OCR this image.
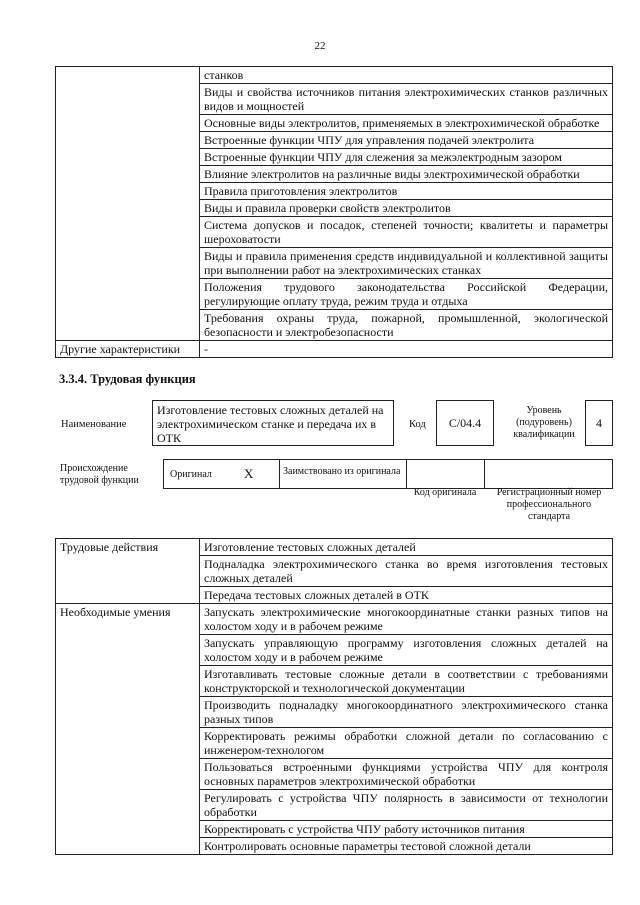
22
	станков
	Виды и свойства источников питания электрохимических станков различных видов и мощностей
	Основные виды электролитов, применяемых в электрохимической обработке
	Встроенные функции ЧПУ для управления подачей электролита
	Встроенные функции ЧПУ для слежения за межэлектродным зазором
	Влияние электролитов на различные виды электрохимической обработки
	Правила приготовления электролитов
	Виды и правила проверки свойств электролитов
	Система допусков и посадок, степеней точности; квалитеты и параметры шероховатости
	Виды и правила применения средств индивидуальной и коллективной защиты при выполнении работ на электрохимических станках
	Положения трудового законодательства Российской Федерации, регулирующие оплату труда, режим труда и отдыха
	Требования охраны труда, пожарной, промышленной, экологической безопасности и электробезопасности
Другие характеристики	-
3.3.4. Трудовая функция
Наименование
Изготовление тестовых сложных деталей на электрохимическом станке и передача их в ОТК
Код C/04.4
Уровень (подуровень) квалификации
4
Происхождение трудовой функции
Оригинал X	Заимствовано из оригинала
Код оригинала	Регистрационный номер профессионального стандарта
Трудовые действия	Изготовление тестовых сложных деталей
	Подналадка электрохимического станка во время изготовления тестовых сложных деталей
	Передача тестовых сложных деталей в ОТК
Необходимые умения	Запускать электрохимические многокоординатные станки разных типов на холостом ходу и в рабочем режиме
	Запускать управляющую программу изготовления сложных деталей на холостом ходу и в рабочем режиме
	Изготавливать тестовые сложные детали в соответствии с требованиями конструкторской и технологической документации
	Производить подналадку многокоординатного электрохимического станка разных типов
	Корректировать режимы обработки сложной детали по согласованию с инженером-технологом
	Пользоваться встроенными функциями устройства ЧПУ для контроля основных параметров электрохимической обработки
	Регулировать с устройства ЧПУ полярность в зависимости от технологии обработки
	Корректировать с устройства ЧПУ работу источников питания
	Контролировать основные параметры тестовой сложной детали
